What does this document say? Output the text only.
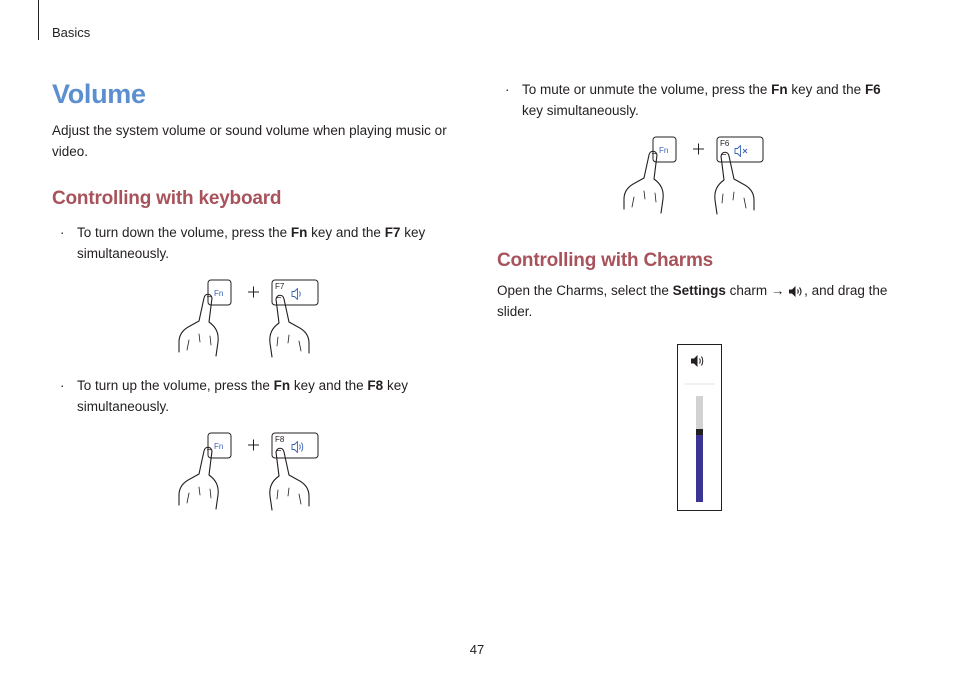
Basics
Volume

Adjust the system volume or sound volume when playing music or video.

Controlling with keyboard
· To turn down the volume, press the Fn key and the F7 key simultaneously.
Fn
F7
· To turn up the volume, press the Fn key and the F8 key simultaneously.
Fn
F8
· To mute or unmute the volume, press the Fn key and the F6 key simultaneously.
Fn
F6
Controlling with Charms

Open the Charms, select the Settings charm → , and drag the slider.

47
